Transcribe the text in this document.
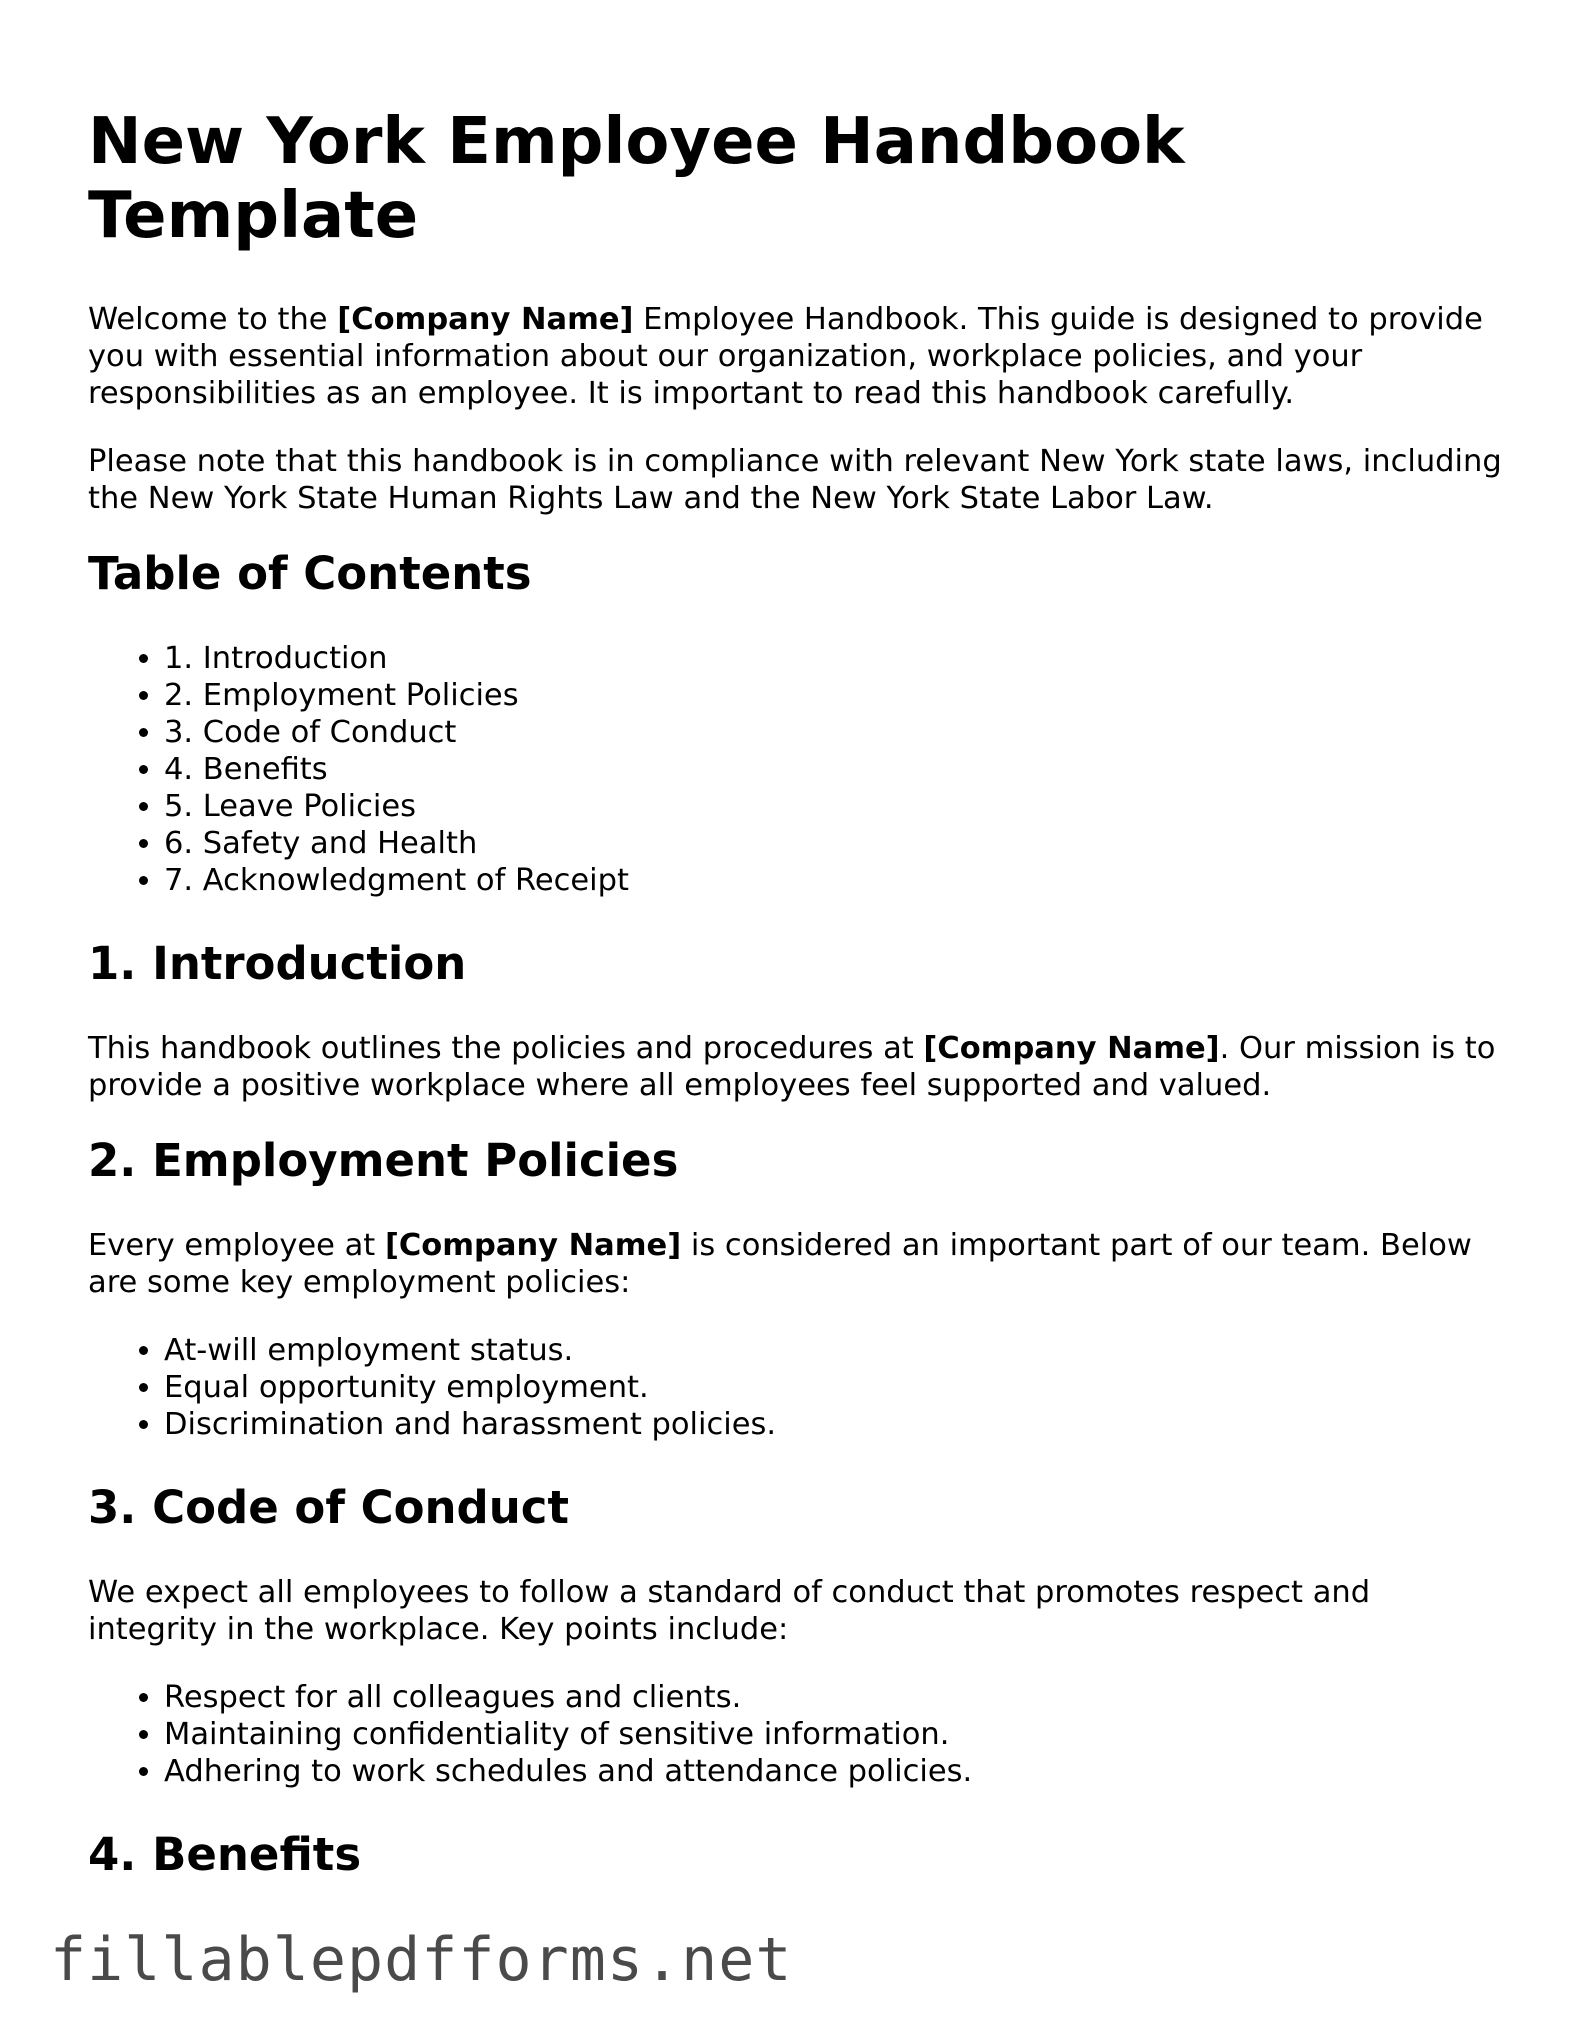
New York Employee Handbook Template

Welcome to the [Company Name] Employee Handbook. This guide is designed to provide you with essential information about our organization, workplace policies, and your responsibilities as an employee. It is important to read this handbook carefully.

Please note that this handbook is in compliance with relevant New York state laws, including the New York State Human Rights Law and the New York State Labor Law.

Table of Contents
• 1. Introduction
• 2. Employment Policies
• 3. Code of Conduct
• 4. Benefits
• 5. Leave Policies
• 6. Safety and Health
• 7. Acknowledgment of Receipt
1. Introduction

This handbook outlines the policies and procedures at [Company Name]. Our mission is to provide a positive workplace where all employees feel supported and valued.

2. Employment Policies

Every employee at [Company Name] is considered an important part of our team. Below are some key employment policies:

• At-will employment status.
• Equal opportunity employment.
• Discrimination and harassment policies.
3. Code of Conduct

We expect all employees to follow a standard of conduct that promotes respect and integrity in the workplace. Key points include:

• Respect for all colleagues and clients.
• Maintaining confidentiality of sensitive information.
• Adhering to work schedules and attendance policies.
4. Benefits
fillablepdfforms.net
